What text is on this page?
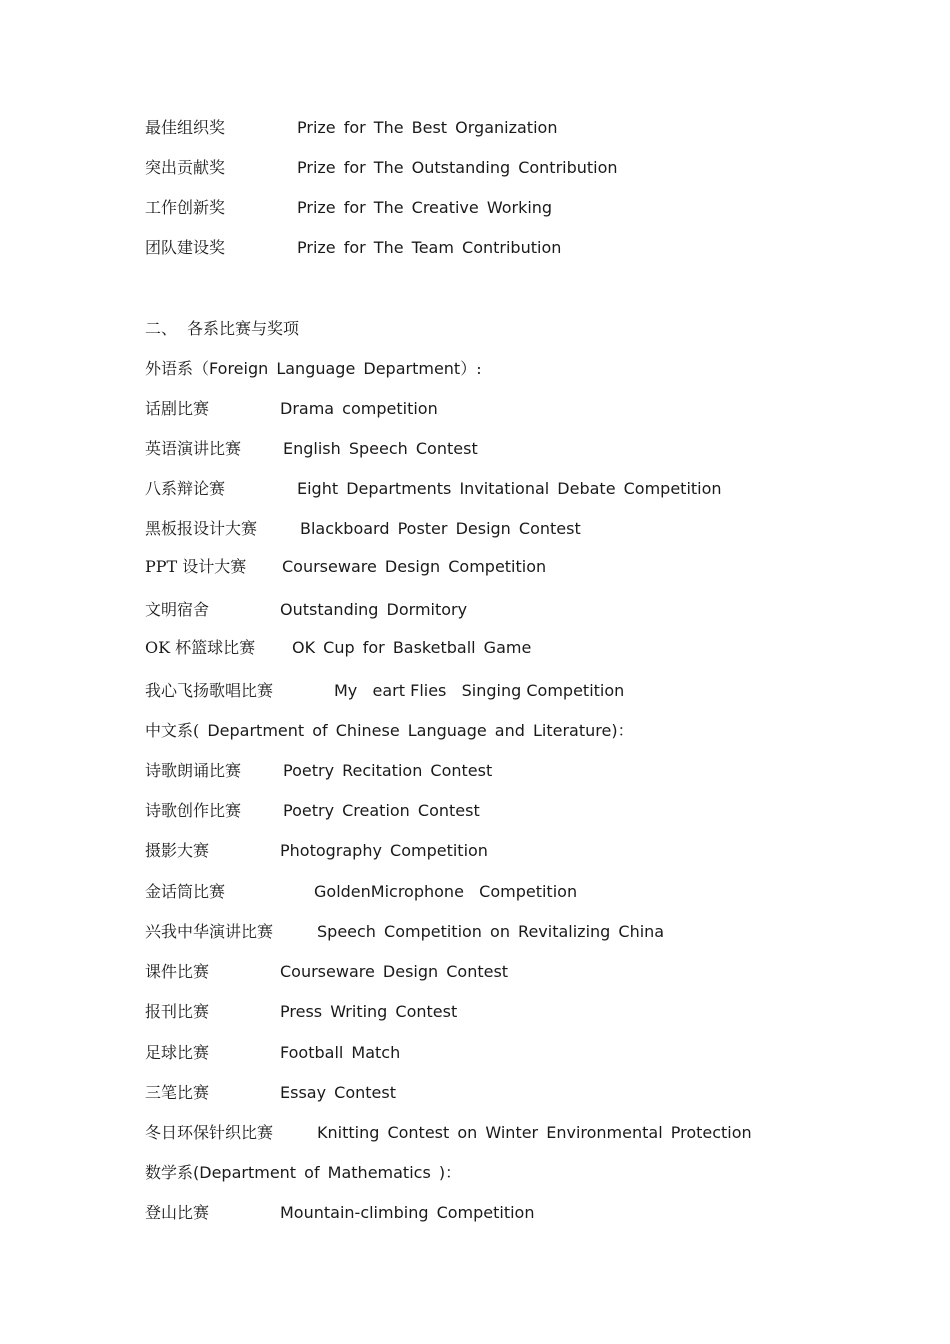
最佳组织奖	Prize for The Best Organization
突出贡献奖	Prize for The Outstanding Contribution
工作创新奖	Prize for The Creative Working
团队建设奖	Prize for The Team Contribution
二、 各系比赛与奖项
外语系（Foreign Language Department）:
话剧比赛	Drama competition
英语演讲比赛	English Speech Contest
八系辩论赛	Eight Departments Invitational Debate Competition
黑板报设计大赛	Blackboard Poster Design Contest
PPT 设计大赛 Courseware Design Competition
文明宿舍	Outstanding Dormitory
OK 杯篮球比赛 OK Cup for Basketball Game
我心飞扬歌唱比赛	My   eart Flies   Singing Competition
中文系( Department of Chinese Language and Literature)：
诗歌朗诵比赛	Poetry Recitation Contest
诗歌创作比赛	Poetry Creation Contest
摄影大赛	Photography Competition
金话筒比赛	GoldenMicrophone   Competition
兴我中华演讲比赛	Speech Competition on Revitalizing China
课件比赛	Courseware Design Contest
报刊比赛	Press Writing Contest
足球比赛	Football Match
三笔比赛	Essay Contest
冬日环保针织比赛	Knitting Contest on Winter Environmental Protection
数学系(Department of Mathematics )：
登山比赛	Mountain-climbing Competition
